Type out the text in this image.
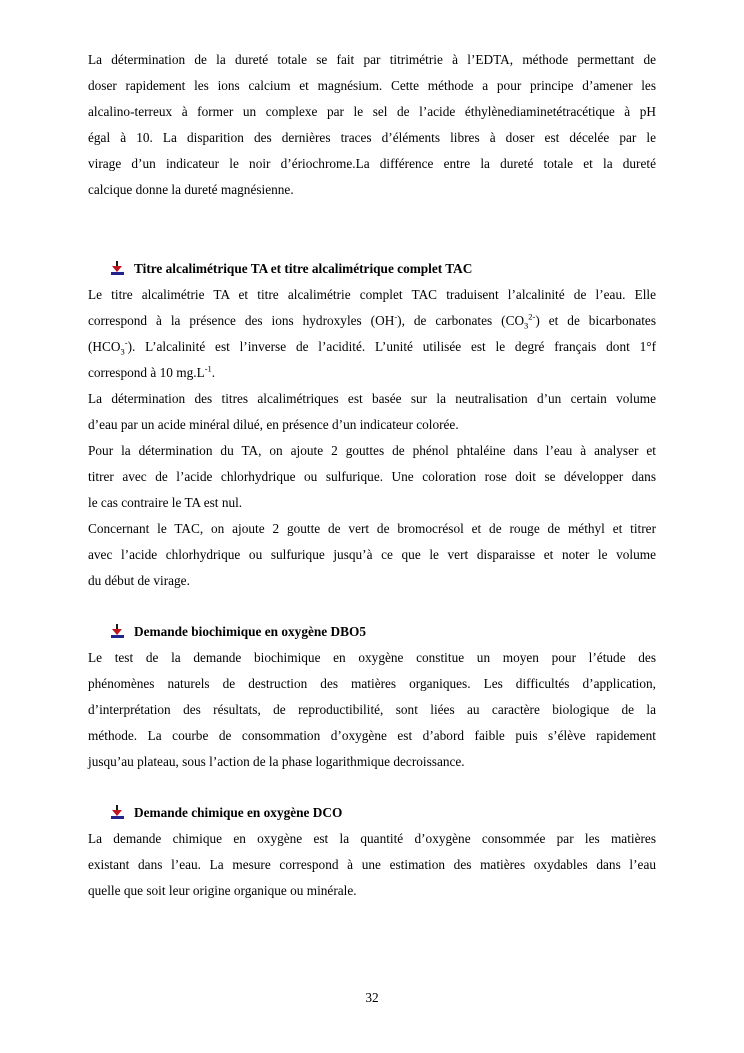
La détermination de la dureté totale se fait par titrimétrie à l’EDTA, méthode permettant de
doser rapidement les ions calcium et magnésium. Cette méthode a pour principe d’amener les
alcalino-terreux à former un complexe par le sel de l’acide éthylènediaminetétracétique à pH
égal à 10. La disparition des dernières traces d’éléments libres à doser est décelée par le
virage d’un indicateur le noir d’ériochrome.La différence entre la dureté totale et la dureté
calcique donne la dureté magnésienne.
Titre alcalimétrique TA et titre alcalimétrique complet TAC
Le titre alcalimétrie TA et titre alcalimétrie complet TAC traduisent l’alcalinité de l’eau. Elle
correspond à la présence des ions hydroxyles (OH-), de carbonates $(CO_3^{2-})$ et de bicarbonates
$(HCO_3^-)$. L’alcalinité est l’inverse de l’acidité. L’unité utilisée est le degré français dont 1°f
correspond à 10 $mg.L^{-1}$.
La détermination des titres alcalimétriques est basée sur la neutralisation d’un certain volume
d’eau par un acide minéral dilué, en présence d’un indicateur colorée.
Pour la détermination du TA, on ajoute 2 gouttes de phénol phtaléine dans l’eau à analyser et
titrer avec de l’acide chlorhydrique ou sulfurique. Une coloration rose doit se développer dans
le cas contraire le TA est nul.
Concernant le TAC, on ajoute 2 goutte de vert de bromocrésol et de rouge de méthyl et titrer
avec l’acide chlorhydrique ou sulfurique jusqu’à ce que le vert disparaisse et noter le volume
du début de virage.
Demande biochimique en oxygène DBO5
Le test de la demande biochimique en oxygène constitue un moyen pour l’étude des
phénomènes naturels de destruction des matières organiques. Les difficultés d’application,
d’interprétation des résultats, de reproductibilité, sont liées au caractère biologique de la
méthode. La courbe de consommation d’oxygène est d’abord faible puis s’élève rapidement
jusqu’au plateau, sous l’action de la phase logarithmique decroissance.
Demande chimique en oxygène DCO
La demande chimique en oxygène est la quantité d’oxygène consommée par les matières
existant dans l’eau. La mesure correspond à une estimation des matières oxydables dans l’eau
quelle que soit leur origine organique ou minérale.
32
